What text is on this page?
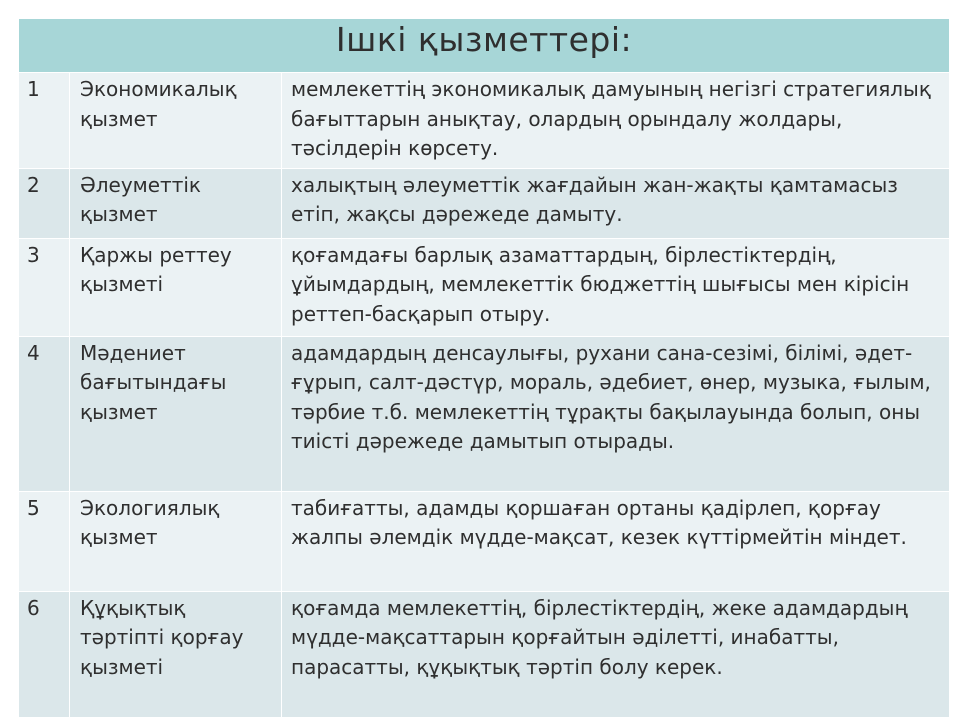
Ішкі қызметтері:		
1	Экономикалық қызмет	мемлекеттің экономикалық дамуының негізгі стратегиялық бағыттарын анықтау, олардың орындалу жолдары, тәсілдерін көрсету.
2	Әлеуметтік қызмет	халықтың әлеуметтік жағдайын жан-жақты қамтамасыз етіп, жақсы дәрежеде дамыту.
3	Қаржы реттеу қызметі	қоғамдағы барлық азаматтардың, бірлестіктердің, ұйымдардың, мемлекеттік бюджеттің шығысы мен кірісін реттеп-басқарып отыру.
4	Мәдениет бағытындағы қызмет	адамдардың денсаулығы, рухани сана-сезімі, білімі, әдет-ғұрып, салт-дәстүр, мораль, әдебиет, өнер, музыка, ғылым, тәрбие т.б. мемлекеттің тұрақты бақылауында болып, оны тиісті дәрежеде дамытып отырады.
5	Экологиялық қызмет	табиғатты, адамды қоршаған ортаны қадірлеп, қорғау жалпы әлемдік мүдде-мақсат, кезек күттірмейтін міндет.
6	Құқықтық тәртіпті қорғау қызметі	қоғамда мемлекеттің, бірлестіктердің, жеке адамдардың мүдде-мақсаттарын қорғайтын әділетті, инабатты, парасатты, құқықтық тәртіп болу керек.
